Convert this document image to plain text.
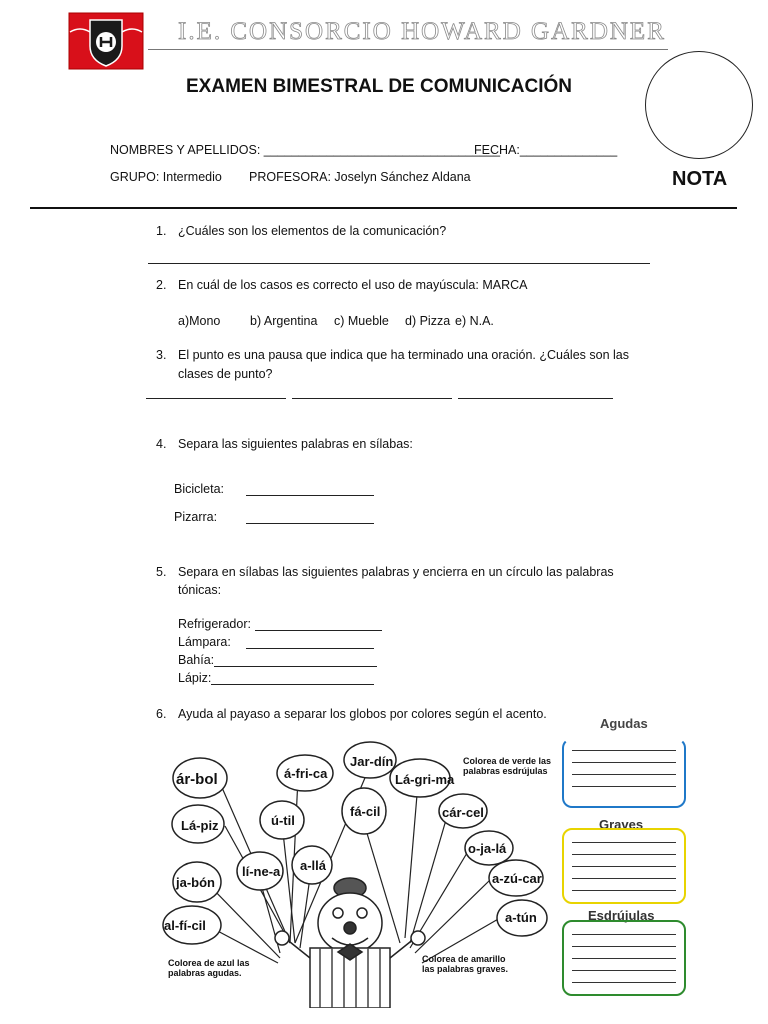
I.E. CONSORCIO HOWARD GARDNER
EXAMEN BIMESTRAL DE COMUNICACIÓN
NOMBRES Y APELLIDOS: __________________________________
FECHA:______________
GRUPO: Intermedio PROFESORA: Joselyn Sánchez Aldana	NOTA
1. ¿Cuáles son los elementos de la comunicación?
2. En cuál de los casos es correcto el uso de mayúscula: MARCA
a)Mono b) Argentina c) Mueble d) Pizza e) N.A.
3. El punto es una pausa que indica que ha terminado una oración. ¿Cuáles son las
clases de punto?
4. Separa las siguientes palabras en sílabas:
Bicicleta:
Pizarra:
5. Separa en sílabas las siguientes palabras y encierra en un círculo las palabras
tónicas:
Refrigerador:
Lámpara:
Bahía:
Lápiz:
6. Ayuda al payaso a separar los globos por colores según el acento.
ár-bol	á-fri-ca
Jar-dín
Lá-gri-ma
Lá-piz	ú-til
fá-cil	cár-cel
lí-ne-a a-llá
o-ja-lá
ja-bón	a-zú-car
al-fí-cil
a-tún
Colorea de verde las palabras esdrújulas
Colorea de azul las palabras agudas.
Colorea de amarillo las palabras graves.
Agudas
Graves
Esdrújulas
